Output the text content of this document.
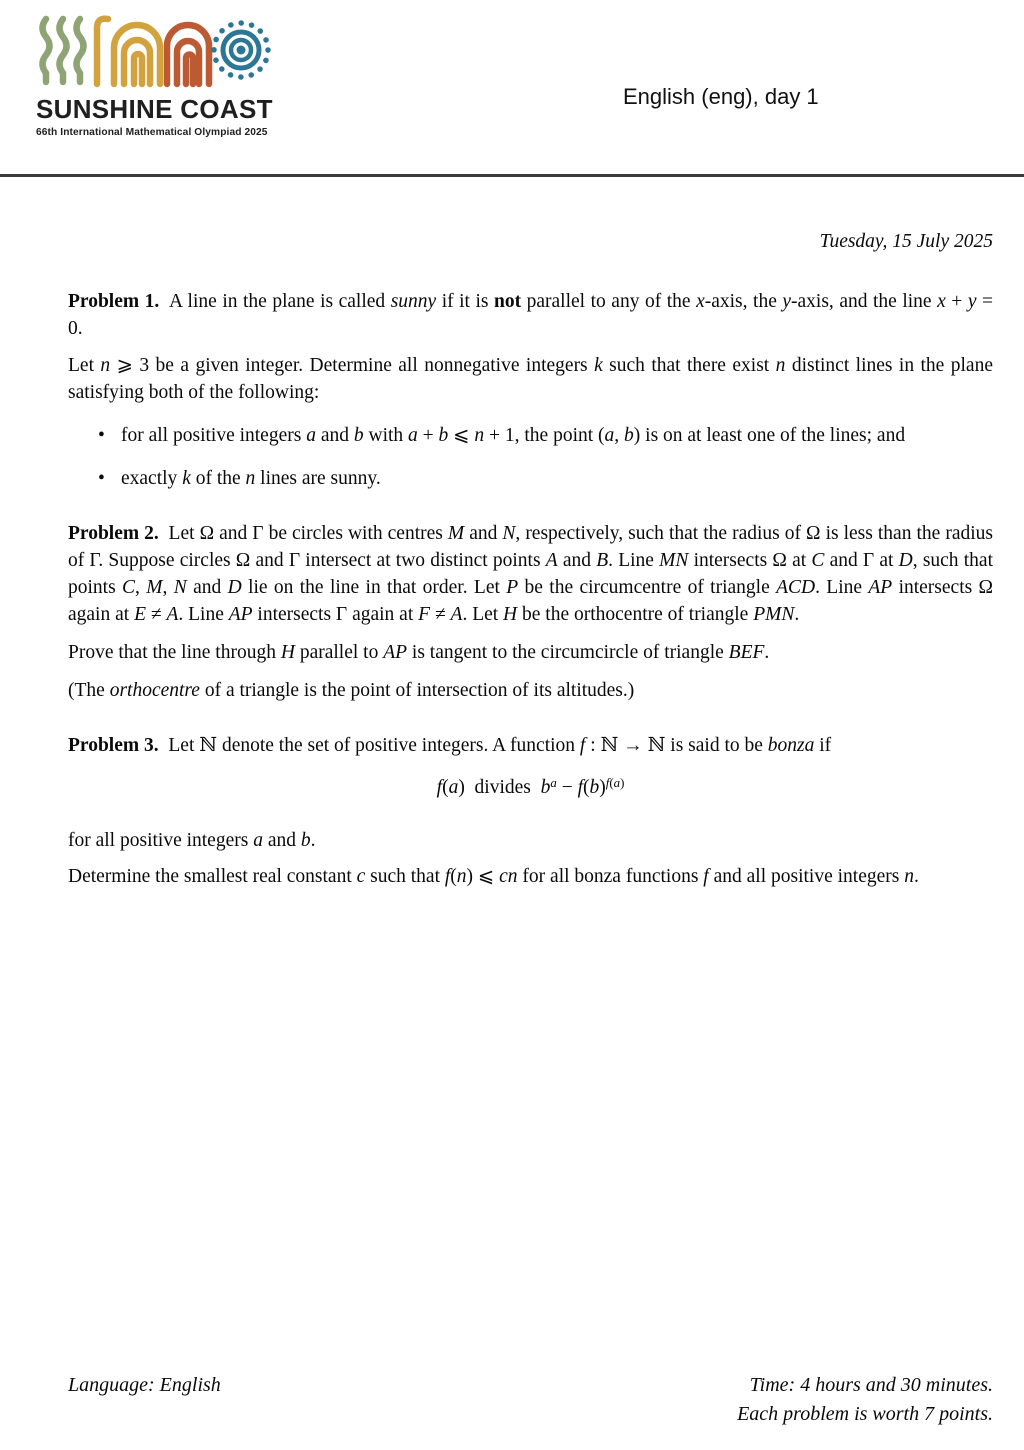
SUNSHINE COAST
66th International Mathematical Olympiad 2025
English (eng), day 1

Tuesday, 15 July 2025

Problem 1. A line in the plane is called sunny if it is not parallel to any of the x-axis, the y-axis, and the line x + y = 0.

Let n ⩾ 3 be a given integer. Determine all nonnegative integers k such that there exist n distinct lines in the plane satisfying both of the following:

• for all positive integers a and b with a + b ⩽ n + 1, the point (a, b) is on at least one of the lines; and
• exactly k of the n lines are sunny.

Problem 2. Let Ω and Γ be circles with centres M and N, respectively, such that the radius of Ω is less than the radius of Γ. Suppose circles Ω and Γ intersect at two distinct points A and B. Line MN intersects Ω at C and Γ at D, such that points C, M, N and D lie on the line in that order. Let P be the circumcentre of triangle ACD. Line AP intersects Ω again at E ≠ A. Line AP intersects Γ again at F ≠ A. Let H be the orthocentre of triangle PMN.

Prove that the line through H parallel to AP is tangent to the circumcircle of triangle BEF.

(The orthocentre of a triangle is the point of intersection of its altitudes.)

Problem 3. Let ℕ denote the set of positive integers. A function f : ℕ → ℕ is said to be bonza if

f(a) divides $b^a - f(b)^{f(a)}$

for all positive integers a and b.

Determine the smallest real constant c such that f(n) ⩽ cn for all bonza functions f and all positive integers n.

Language: English	Time: 4 hours and 30 minutes.
Each problem is worth 7 points.
